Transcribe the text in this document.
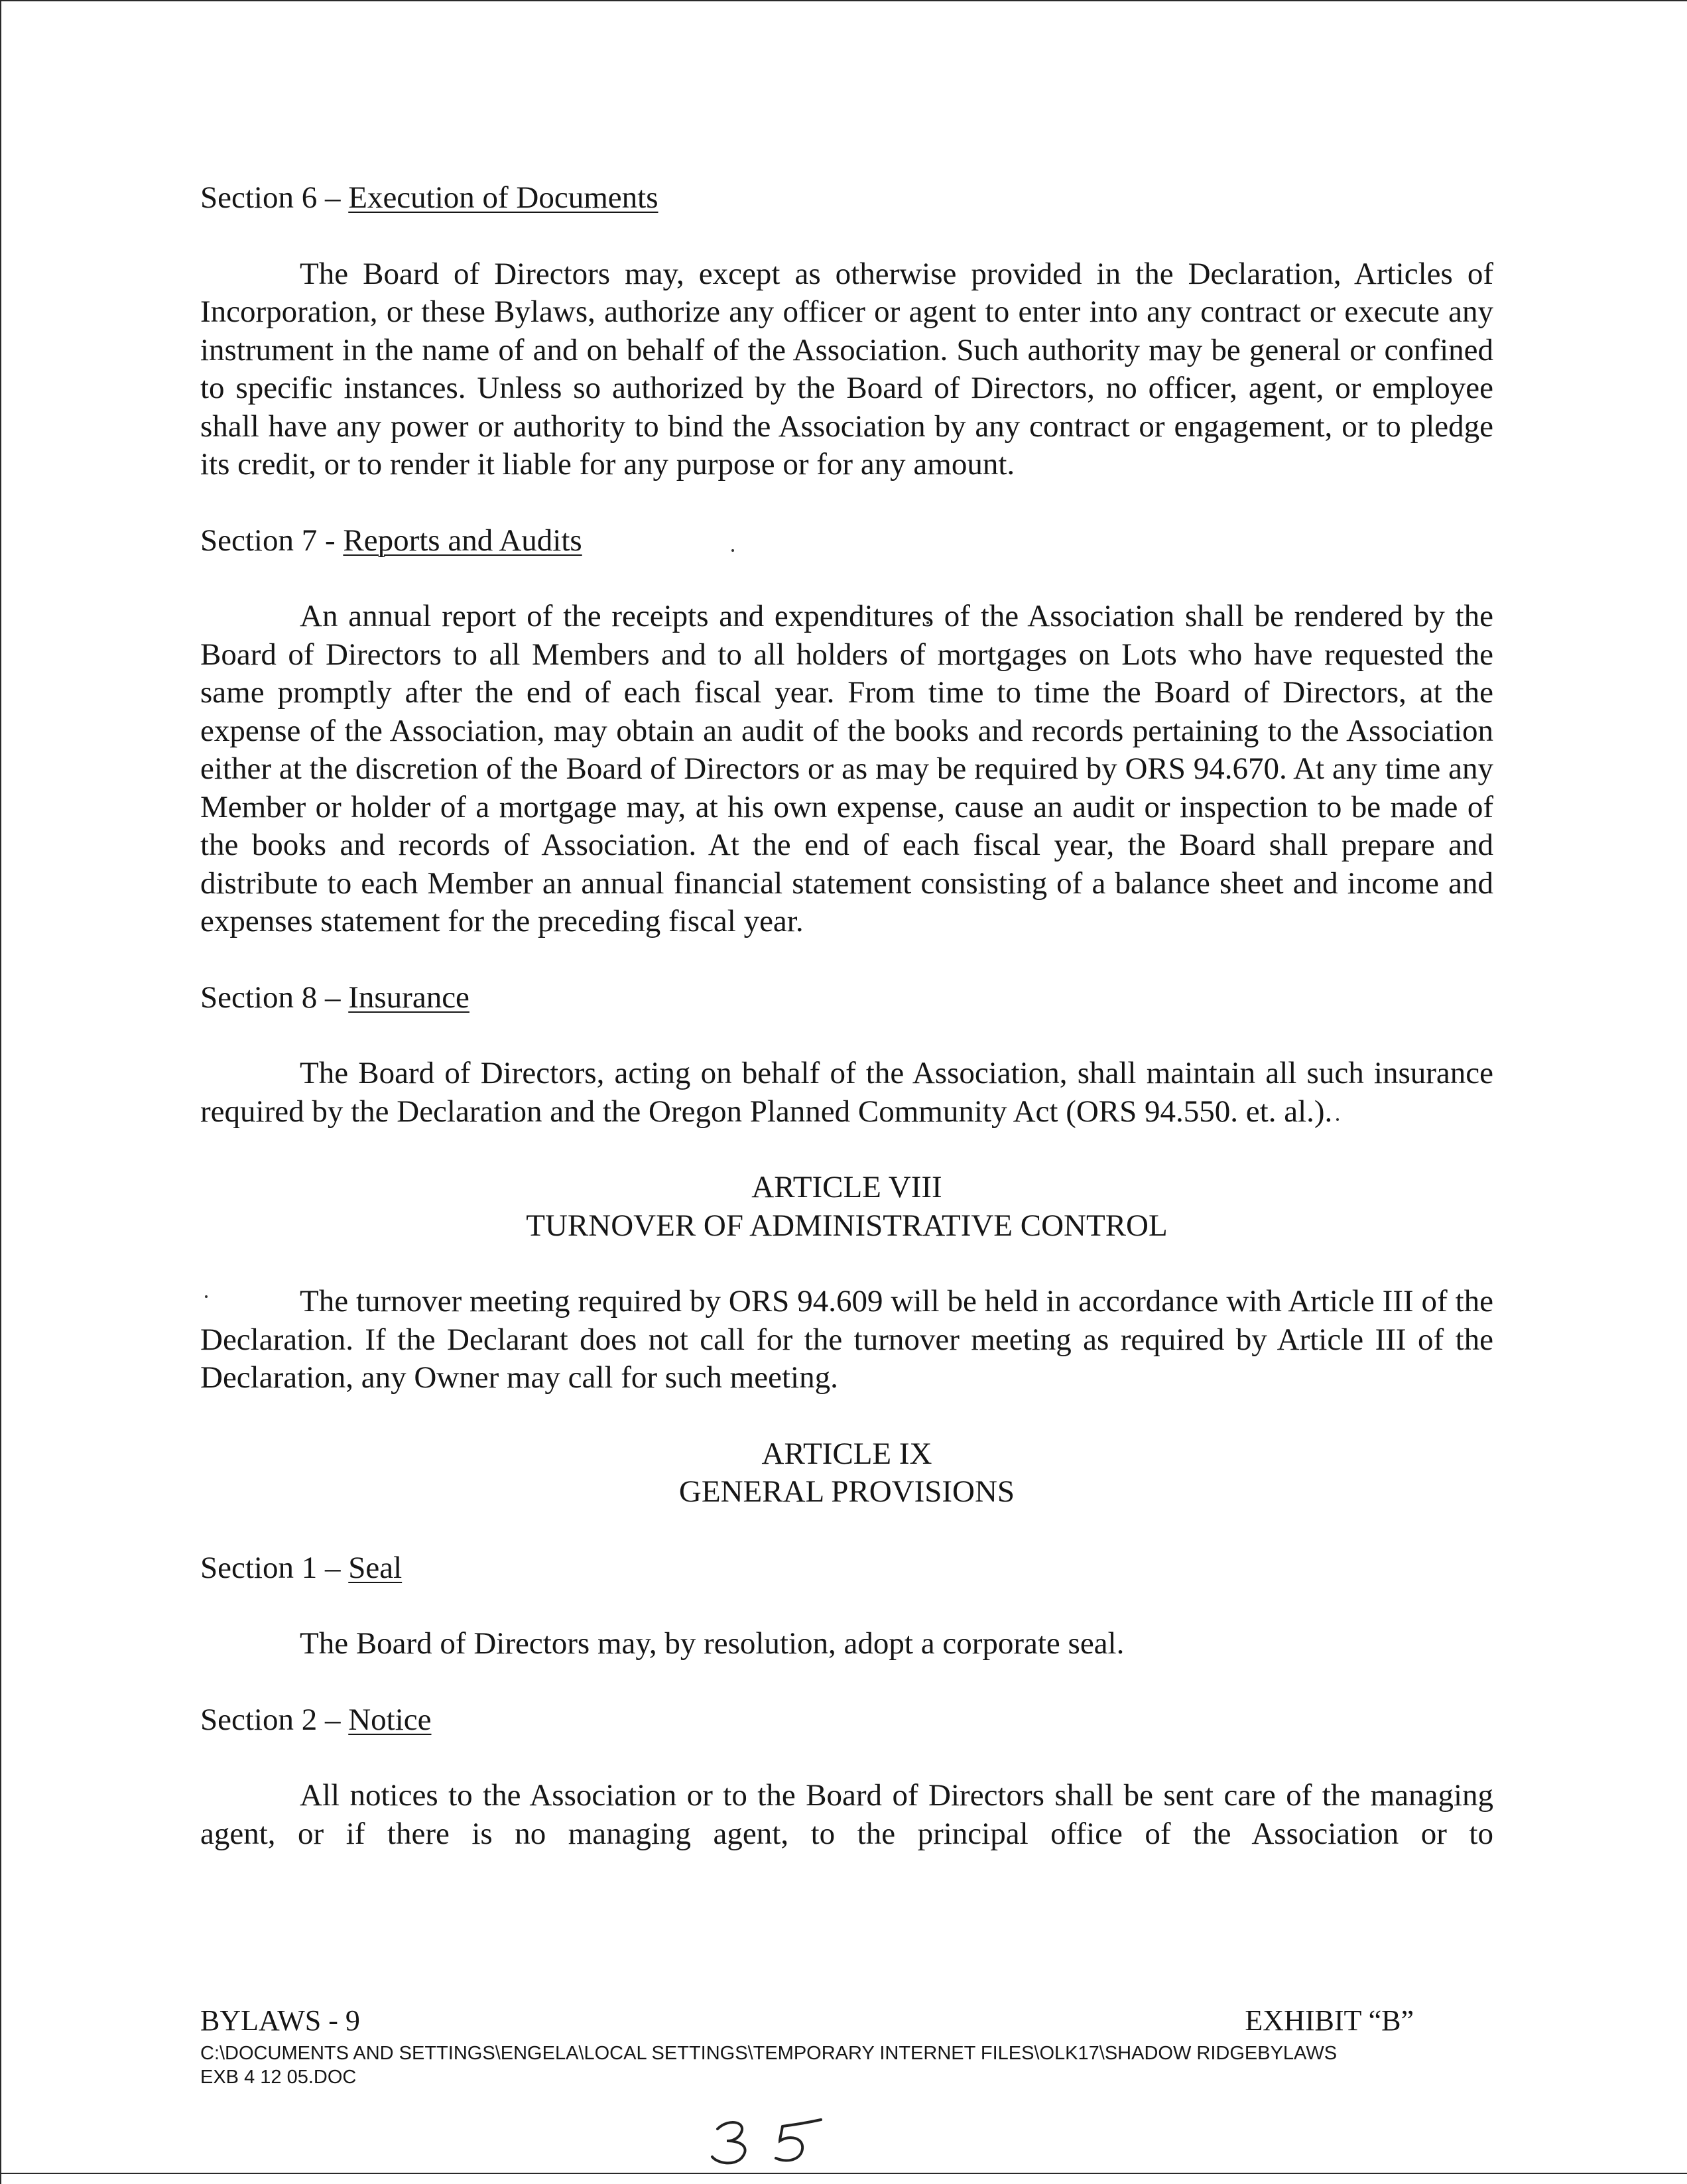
Section 6 – Execution of Documents

The Board of Directors may, except as otherwise provided in the Declaration, Articles of Incorporation, or these Bylaws, authorize any officer or agent to enter into any contract or execute any instrument in the name of and on behalf of the Association. Such authority may be general or confined to specific instances. Unless so authorized by the Board of Directors, no officer, agent, or employee shall have any power or authority to bind the Association by any contract or engagement, or to pledge its credit, or to render it liable for any purpose or for any amount.

Section 7 - Reports and Audits

An annual report of the receipts and expenditures of the Association shall be rendered by the Board of Directors to all Members and to all holders of mortgages on Lots who have requested the same promptly after the end of each fiscal year. From time to time the Board of Directors, at the expense of the Association, may obtain an audit of the books and records pertaining to the Association either at the discretion of the Board of Directors or as may be required by ORS 94.670. At any time any Member or holder of a mortgage may, at his own expense, cause an audit or inspection to be made of the books and records of Association. At the end of each fiscal year, the Board shall prepare and distribute to each Member an annual financial statement consisting of a balance sheet and income and expenses statement for the preceding fiscal year.

Section 8 – Insurance

The Board of Directors, acting on behalf of the Association, shall maintain all such insurance required by the Declaration and the Oregon Planned Community Act (ORS 94.550. et. al.).

ARTICLE VIII

TURNOVER OF ADMINISTRATIVE CONTROL

The turnover meeting required by ORS 94.609 will be held in accordance with Article III of the Declaration. If the Declarant does not call for the turnover meeting as required by Article III of the Declaration, any Owner may call for such meeting.

ARTICLE IX

GENERAL PROVISIONS

Section 1 – Seal

The Board of Directors may, by resolution, adopt a corporate seal.

Section 2 – Notice

All notices to the Association or to the Board of Directors shall be sent care of the managing agent, or if there is no managing agent, to the principal office of the Association or to

BYLAWS - 9	EXHIBIT “B”
C:\DOCUMENTS AND SETTINGS\ENGELA\LOCAL SETTINGS\TEMPORARY INTERNET FILES\OLK17\SHADOW RIDGEBYLAWS
EXB 4 12 05.DOC
